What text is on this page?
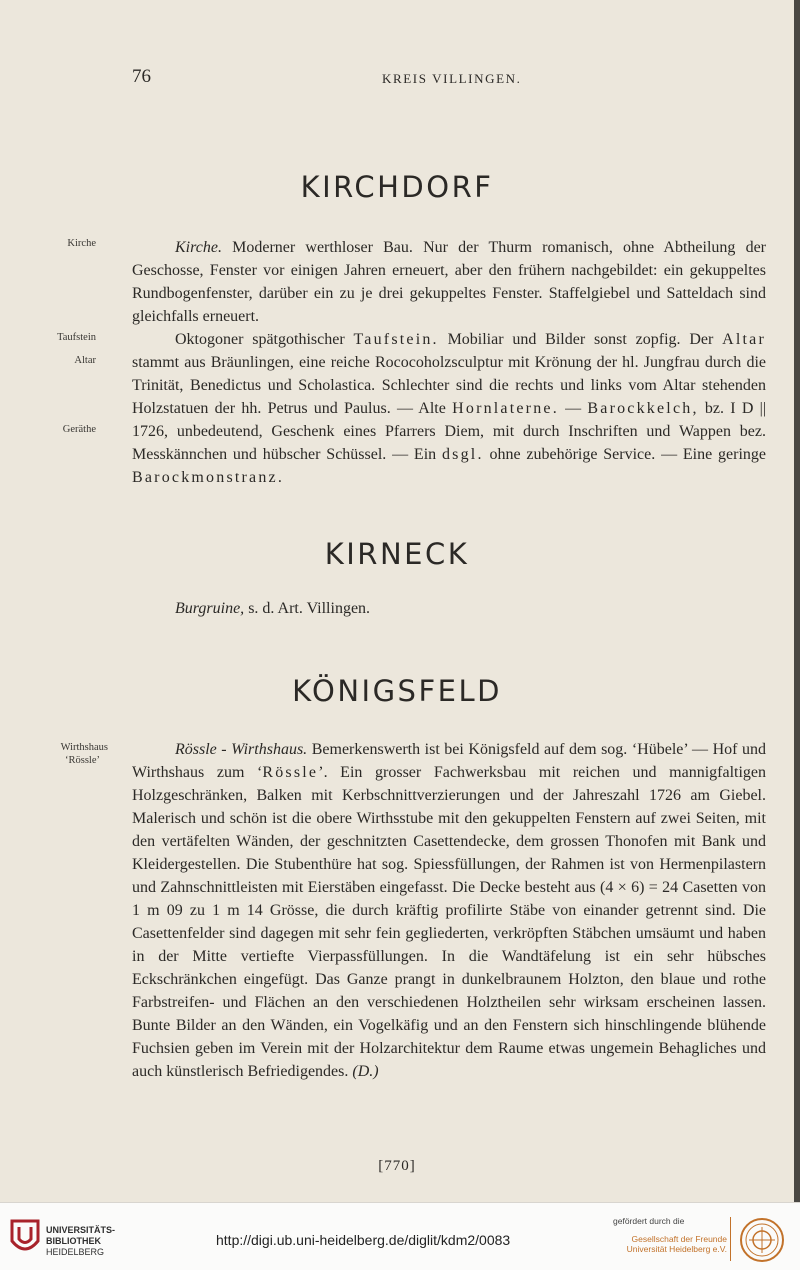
76	KREIS VILLINGEN.
KIRCHDORF
Kirche
Taufstein
Altar
Geräthe

Kirche. Moderner werthloser Bau. Nur der Thurm romanisch, ohne Abtheilung der Geschosse, Fenster vor einigen Jahren erneuert, aber den frühern nachgebildet: ein gekuppeltes Rundbogenfenster, darüber ein zu je drei gekuppeltes Fenster. Staffelgiebel und Satteldach sind gleichfalls erneuert.

Oktogoner spätgothischer Taufstein. Mobiliar und Bilder sonst zopfig. Der Altar stammt aus Bräunlingen, eine reiche Rococoholzsculptur mit Krönung der hl. Jungfrau durch die Trinität, Benedictus und Scholastica. Schlechter sind die rechts und links vom Altar stehenden Holzstatuen der hh. Petrus und Paulus. — Alte Hornlaterne. — Barockkelch, bz. I D || 1726, unbedeutend, Geschenk eines Pfarrers Diem, mit durch Inschriften und Wappen bez. Messkännchen und hübscher Schüssel. — Ein dsgl. ohne zubehörige Service. — Eine geringe Barockmonstranz.

KIRNECK

Burgruine, s. d. Art. Villingen.

KÖNIGSFELD
Wirthshaus
‘Rössle’

Rössle - Wirthshaus. Bemerkenswerth ist bei Königsfeld auf dem sog. ‘Hübele’ — Hof und Wirthshaus zum ‘Rössle’. Ein grosser Fachwerksbau mit reichen und mannigfaltigen Holzgeschränken, Balken mit Kerbschnittverzierungen und der Jahreszahl 1726 am Giebel. Malerisch und schön ist die obere Wirthsstube mit den gekuppelten Fenstern auf zwei Seiten, mit den vertäfelten Wänden, der geschnitzten Casettendecke, dem grossen Thonofen mit Bank und Kleidergestellen. Die Stubenthüre hat sog. Spiessfüllungen, der Rahmen ist von Hermenpilastern und Zahnschnittleisten mit Eierstäben eingefasst. Die Decke besteht aus (4 × 6) = 24 Casetten von 1 m 09 zu 1 m 14 Grösse, die durch kräftig profilirte Stäbe von einander getrennt sind. Die Casettenfelder sind dagegen mit sehr fein gegliederten, verkröpften Stäbchen umsäumt und haben in der Mitte vertiefte Vierpassfüllungen. In die Wandtäfelung ist ein sehr hübsches Eckschränkchen eingefügt. Das Ganze prangt in dunkelbraunem Holzton, den blaue und rothe Farbstreifen- und Flächen an den verschiedenen Holztheilen sehr wirksam erscheinen lassen. Bunte Bilder an den Wänden, ein Vogelkäfig und an den Fenstern sich hinschlingende blühende Fuchsien geben im Verein mit der Holzarchitektur dem Raume etwas ungemein Behagliches und auch künstlerisch Befriedigendes. (D.)

[770]
UNIVERSITÄTS-
BIBLIOTHEK
HEIDELBERG
http://digi.ub.uni-heidelberg.de/diglit/kdm2/0083
gefördert durch die
Gesellschaft der Freunde
Universität Heidelberg e.V.
